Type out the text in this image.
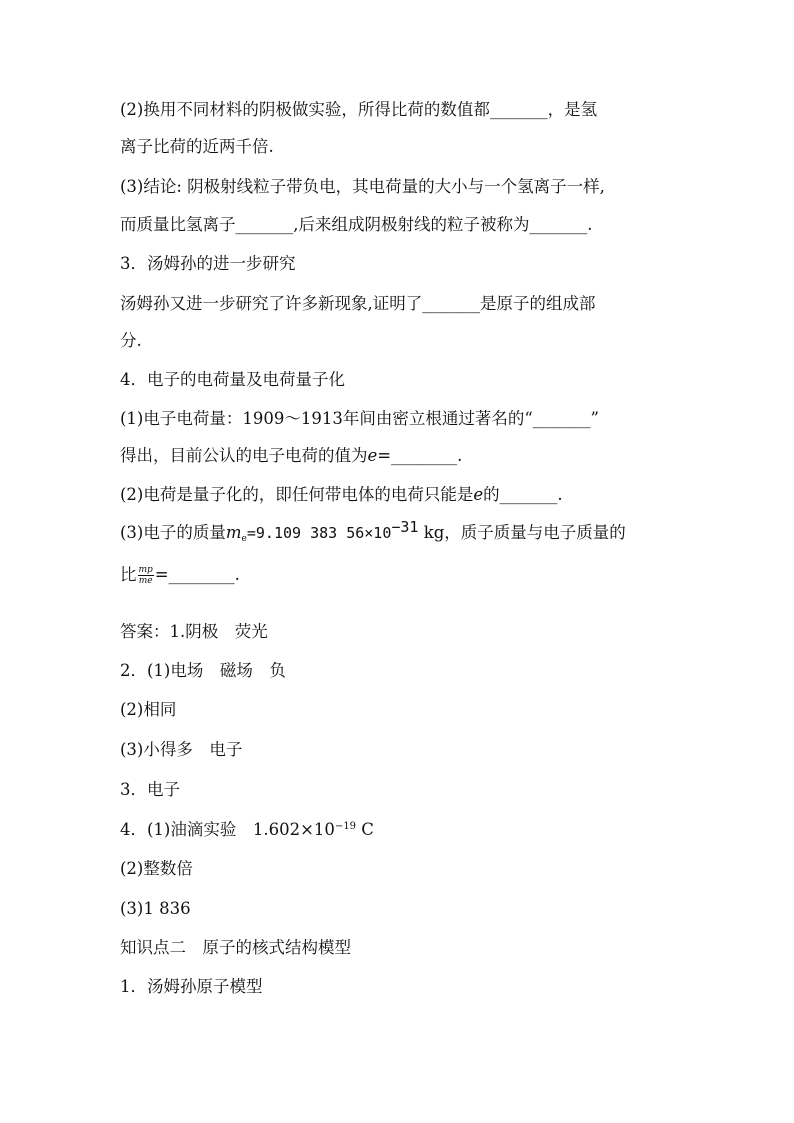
(2)换用不同材料的阴极做实验，所得比荷的数值都_______，是氢
离子比荷的近两千倍.
(3)结论: 阴极射线粒子带负电，其电荷量的大小与一个氢离子一样,
而质量比氢离子_______,后来组成阴极射线的粒子被称为_______.
3．汤姆孙的进一步研究
汤姆孙又进一步研究了许多新现象,证明了_______是原子的组成部
分.
4．电子的电荷量及电荷量子化
(1)电子电荷量：1909～1913年间由密立根通过著名的“_______”
得出，目前公认的电子电荷的值为e=________.
(2)电荷是量子化的，即任何带电体的电荷只能是e的_______.
(3)电子的质量$m_e=9.109$ 383 $56\times 10^{-31}$ kg，质子质量与电子质量的
比 $\frac{mp}{me}$ =________.
答案：1.阴极　荧光
2．(1)电场　磁场　负
(2)相同
(3)小得多　电子
3．电子
4．(1)油滴实验　$1.602\times 10^{-19}$ C
(2)整数倍
(3)1 836
知识点二　原子的核式结构模型
1．汤姆孙原子模型
